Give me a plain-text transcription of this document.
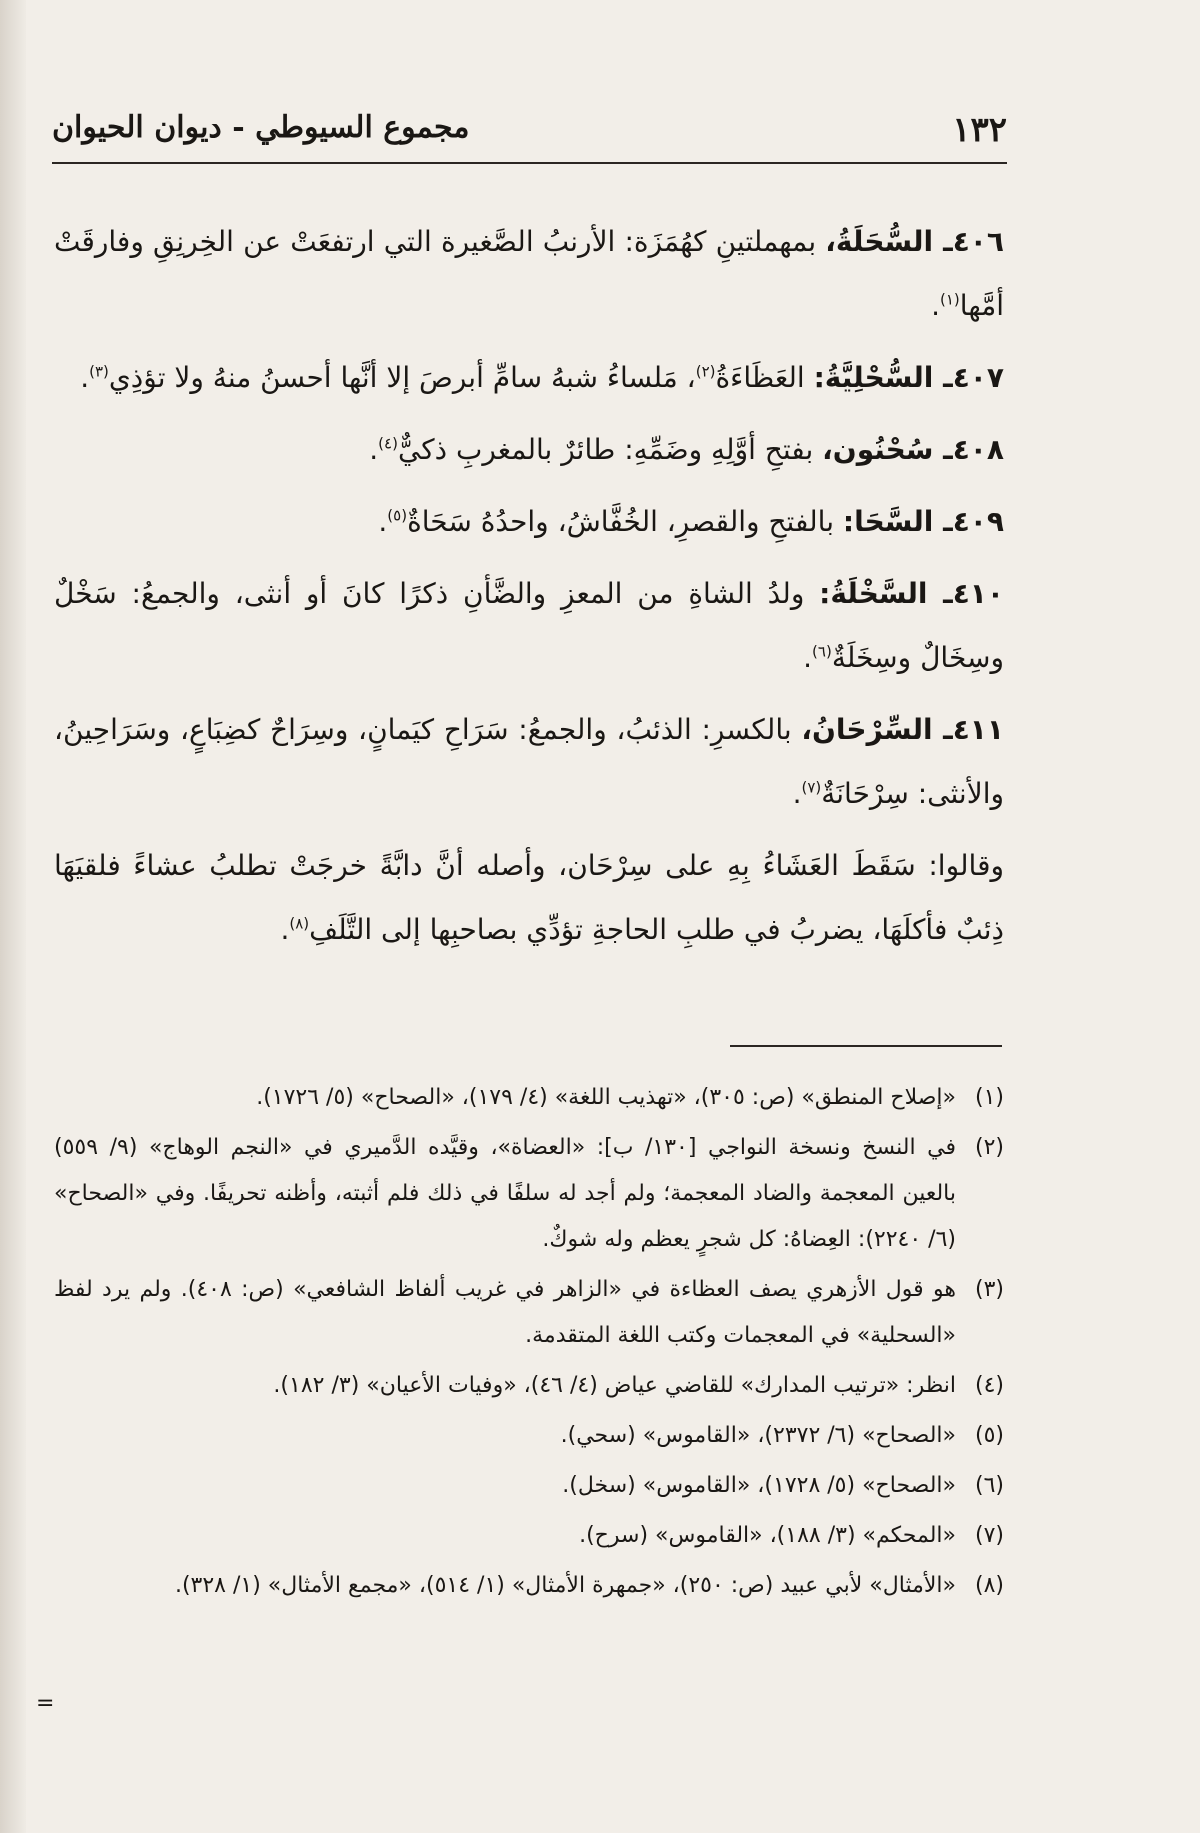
١٣٢
مجموع السيوطي - ديوان الحيوان

٤٠٦ـ السُّحَلَةُ، بمهملتينِ كهُمَزَة: الأرنبُ الصَّغيرة التي ارتفعَتْ عن الخِرنِقِ وفارقَتْ أمَّها$^{(١)}$.

٤٠٧ـ السُّحْلِيَّةُ: العَظَاءَةُ$^{(٢)}$، مَلساءُ شبهُ سامِّ أبرصَ إلا أنَّها أحسنُ منهُ ولا تؤذِي$^{(٣)}$.

٤٠٨ـ سُحْنُون، بفتحِ أوَّلِهِ وضَمِّهِ: طائرٌ بالمغربِ ذكيٌّ$^{(٤)}$.

٤٠٩ـ السَّحَا: بالفتحِ والقصرِ، الخُفَّاشُ، واحدُهُ سَحَاةٌ$^{(٥)}$.

٤١٠ـ السَّخْلَةُ: ولدُ الشاةِ من المعزِ والضَّأنِ ذكرًا كانَ أو أنثى، والجمعُ: سَخْلٌ وسِخَالٌ وسِخَلَةٌ$^{(٦)}$.

٤١١ـ السِّرْحَانُ، بالكسرِ: الذئبُ، والجمعُ: سَرَاحِ كيَمانٍ، وسِرَاحٌ كضِبَاعٍ، وسَرَاحِينُ، والأنثى: سِرْحَانَةٌ$^{(٧)}$.

وقالوا: سَقَطَ العَشَاءُ بِهِ على سِرْحَان، وأصله أنَّ دابَّةً خرجَتْ تطلبُ عشاءً فلقيَهَا ذِئبٌ فأكلَهَا، يضربُ في طلبِ الحاجةِ تؤدِّي بصاحبِها إلى التَّلَفِ$^{(٨)}$.

(١)
«إصلاح المنطق» (ص: ٣٠٥)، «تهذيب اللغة» (٤/ ١٧٩)، «الصحاح» (٥/ ١٧٢٦).

(٢)
في النسخ ونسخة النواجي [١٣٠/ ب]: «العضاة»، وقيَّده الدَّميري في «النجم الوهاج» (٩/ ٥٥٩) بالعين المعجمة والضاد المعجمة؛ ولم أجد له سلفًا في ذلك فلم أثبته، وأظنه تحريفًا. وفي «الصحاح» (٦/ ٢٢٤٠): العِضاهُ: كل شجرٍ يعظم وله شوكٌ.

(٣)
هو قول الأزهري يصف العظاءة في «الزاهر في غريب ألفاظ الشافعي» (ص: ٤٠٨). ولم يرد لفظ «السحلية» في المعجمات وكتب اللغة المتقدمة.

(٤)
انظر: «ترتيب المدارك» للقاضي عياض (٤/ ٤٦)، «وفيات الأعيان» (٣/ ١٨٢).

(٥)
«الصحاح» (٦/ ٢٣٧٢)، «القاموس» (سحي).

(٦)
«الصحاح» (٥/ ١٧٢٨)، «القاموس» (سخل).

(٧)
«المحكم» (٣/ ١٨٨)، «القاموس» (سرح).

(٨)
«الأمثال» لأبي عبيد (ص: ٢٥٠)، «جمهرة الأمثال» (١/ ٥١٤)، «مجمع الأمثال» (١/ ٣٢٨).

=
